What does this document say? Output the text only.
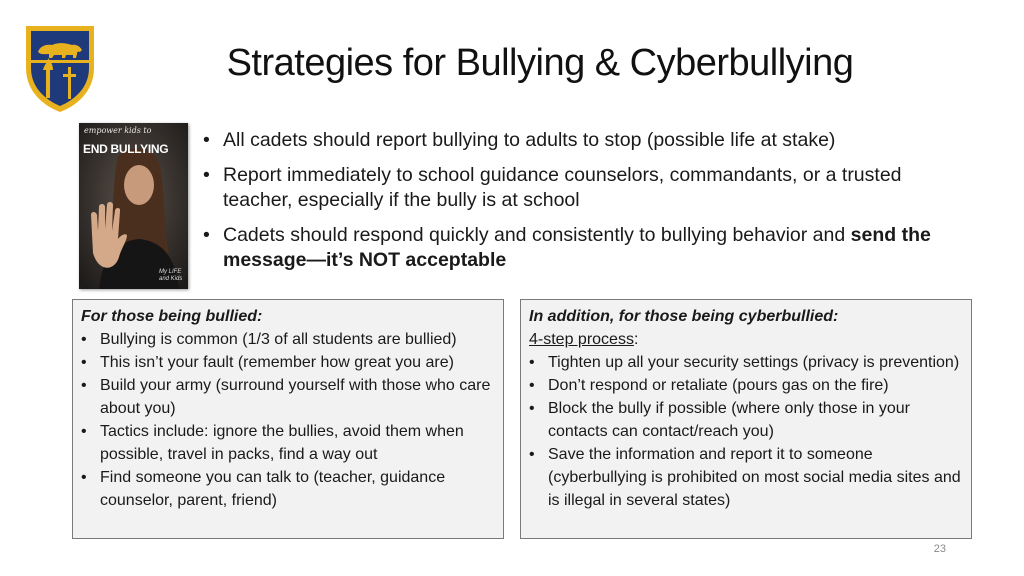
Strategies for Bullying & Cyberbullying
empower kids to
END BULLYING
My LIFE and Kids
• All cadets should report bullying to adults to stop (possible life at stake)
• Report immediately to school guidance counselors, commandants, or a trusted teacher, especially if the bully is at school
• Cadets should respond quickly and consistently to bullying behavior and send the message—it’s NOT acceptable
For those being bullied:
• Bullying is common (1/3 of all students are bullied)
• This isn’t your fault (remember how great you are)
• Build your army (surround yourself with those who care about you)
• Tactics include: ignore the bullies, avoid them when possible, travel in packs, find a way out
• Find someone you can talk to (teacher, guidance counselor, parent, friend)
In addition, for those being cyberbullied:
4-step process:
• Tighten up all your security settings (privacy is prevention)
• Don’t respond or retaliate (pours gas on the fire)
• Block the bully if possible (where only those in your contacts can contact/reach you)
• Save the information and report it to someone (cyberbullying is prohibited on most social media sites and is illegal in several states)
23
